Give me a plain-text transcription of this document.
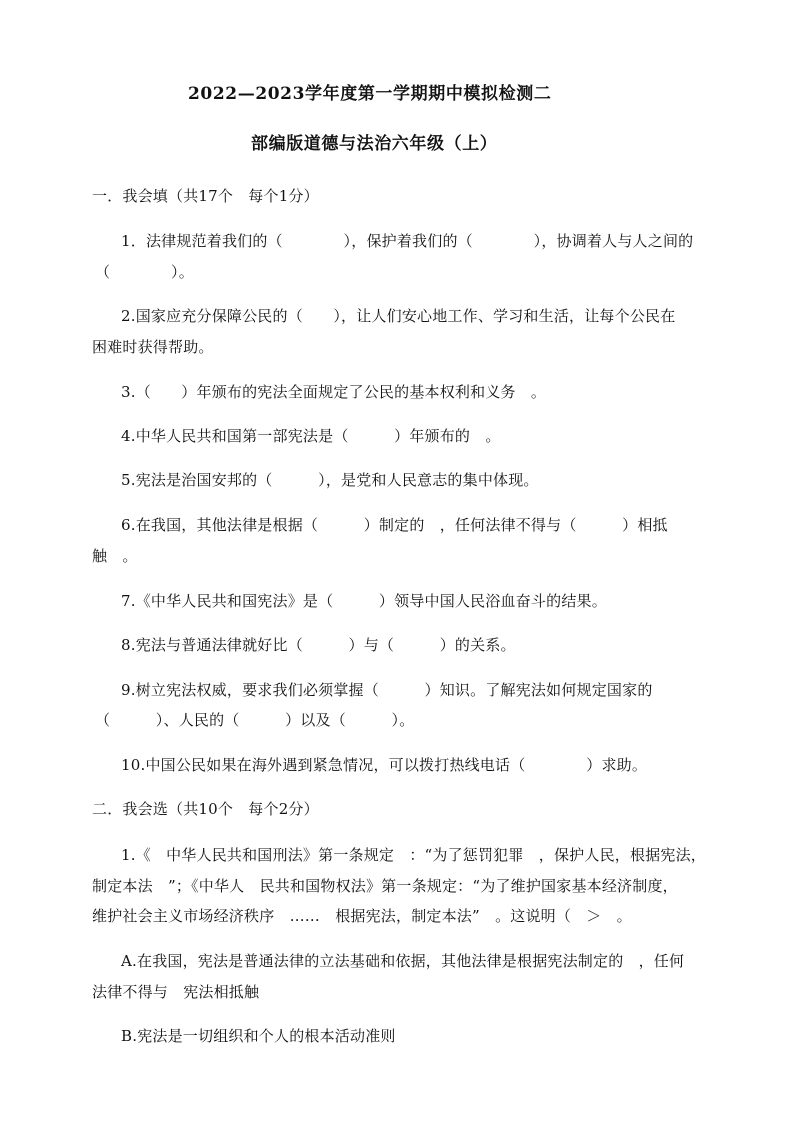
2022—2023学年度第一学期期中模拟检测二
部编版道德与法治六年级（上）
一．我会填（共17个　每个1分）
1．法律规范着我们的（　　　　），保护着我们的（　　　　），协调着人与人之间的
（　　　　）。
2.国家应充分保障公民的（　　），让人们安心地工作、学习和生活，让每个公民在
困难时获得帮助。
3.（　　）年颁布的宪法全面规定了公民的基本权利和义务　。
4.中华人民共和国第一部宪法是（　　　）年颁布的　。
5.宪法是治国安邦的（　　　），是党和人民意志的集中体现。
6.在我国，其他法律是根据（　　　）制定的　，任何法律不得与（　　　）相抵
触　。
7.《中华人民共和国宪法》是（　　　）领导中国人民浴血奋斗的结果。
8.宪法与普通法律就好比（　　　）与（　　　）的关系。
9.树立宪法权威，要求我们必须掌握（　　　）知识。了解宪法如何规定国家的
（　　　）、人民的（　　　）以及（　　　）。
10.中国公民如果在海外遇到紧急情况，可以拨打热线电话（　　　　）求助。
二．我会选（共10个　每个2分）
1.《　中华人民共和国刑法》第一条规定　：“为了惩罚犯罪　，保护人民，根据宪法，
制定本法　”；《中华人　民共和国物权法》第一条规定：“为了维护国家基本经济制度，
维护社会主义市场经济秩序　……　根据宪法，制定本法”　。这说明（　＞　。
A.在我国，宪法是普通法律的立法基础和依据，其他法律是根据宪法制定的　，任何
法律不得与　宪法相抵触
B.宪法是一切组织和个人的根本活动准则
